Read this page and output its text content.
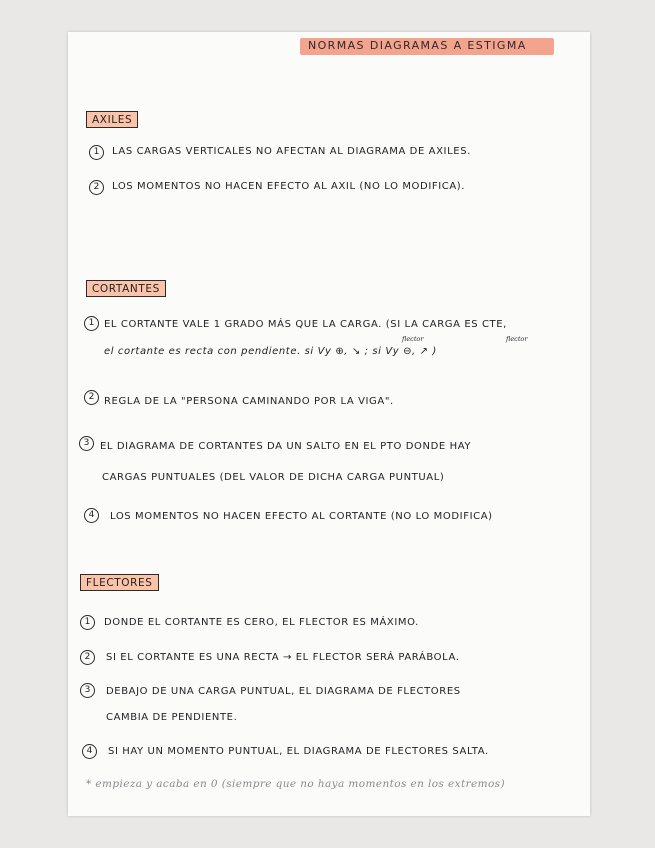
NORMAS DIAGRAMAS A ESTIGMA
AXILES
1	LAS CARGAS VERTICALES NO AFECTAN AL DIAGRAMA DE AXILES.
2	LOS MOMENTOS NO HACEN EFECTO AL AXIL (NO LO MODIFICA).
CORTANTES
1 EL CORTANTE VALE 1 GRADO MÁS QUE LA CARGA. (SI LA CARGA ES CTE,
flector	flector
el cortante es recta con pendiente. si Vy ⊕, ↘ ; si Vy ⊖, ↗ )
2 REGLA DE LA "PERSONA CAMINANDO POR LA VIGA".
3	EL DIAGRAMA DE CORTANTES DA UN SALTO EN EL PTO DONDE HAY
CARGAS PUNTUALES (DEL VALOR DE DICHA CARGA PUNTUAL)
4	LOS MOMENTOS NO HACEN EFECTO AL CORTANTE (NO LO MODIFICA)
FLECTORES
1	DONDE EL CORTANTE ES CERO, EL FLECTOR ES MÁXIMO.
2	SI EL CORTANTE ES UNA RECTA → EL FLECTOR SERÁ PARÁBOLA.
3	DEBAJO DE UNA CARGA PUNTUAL, EL DIAGRAMA DE FLECTORES
CAMBIA DE PENDIENTE.
4	SI HAY UN MOMENTO PUNTUAL, EL DIAGRAMA DE FLECTORES SALTA.
* empieza y acaba en 0 (siempre que no haya momentos en los extremos)
